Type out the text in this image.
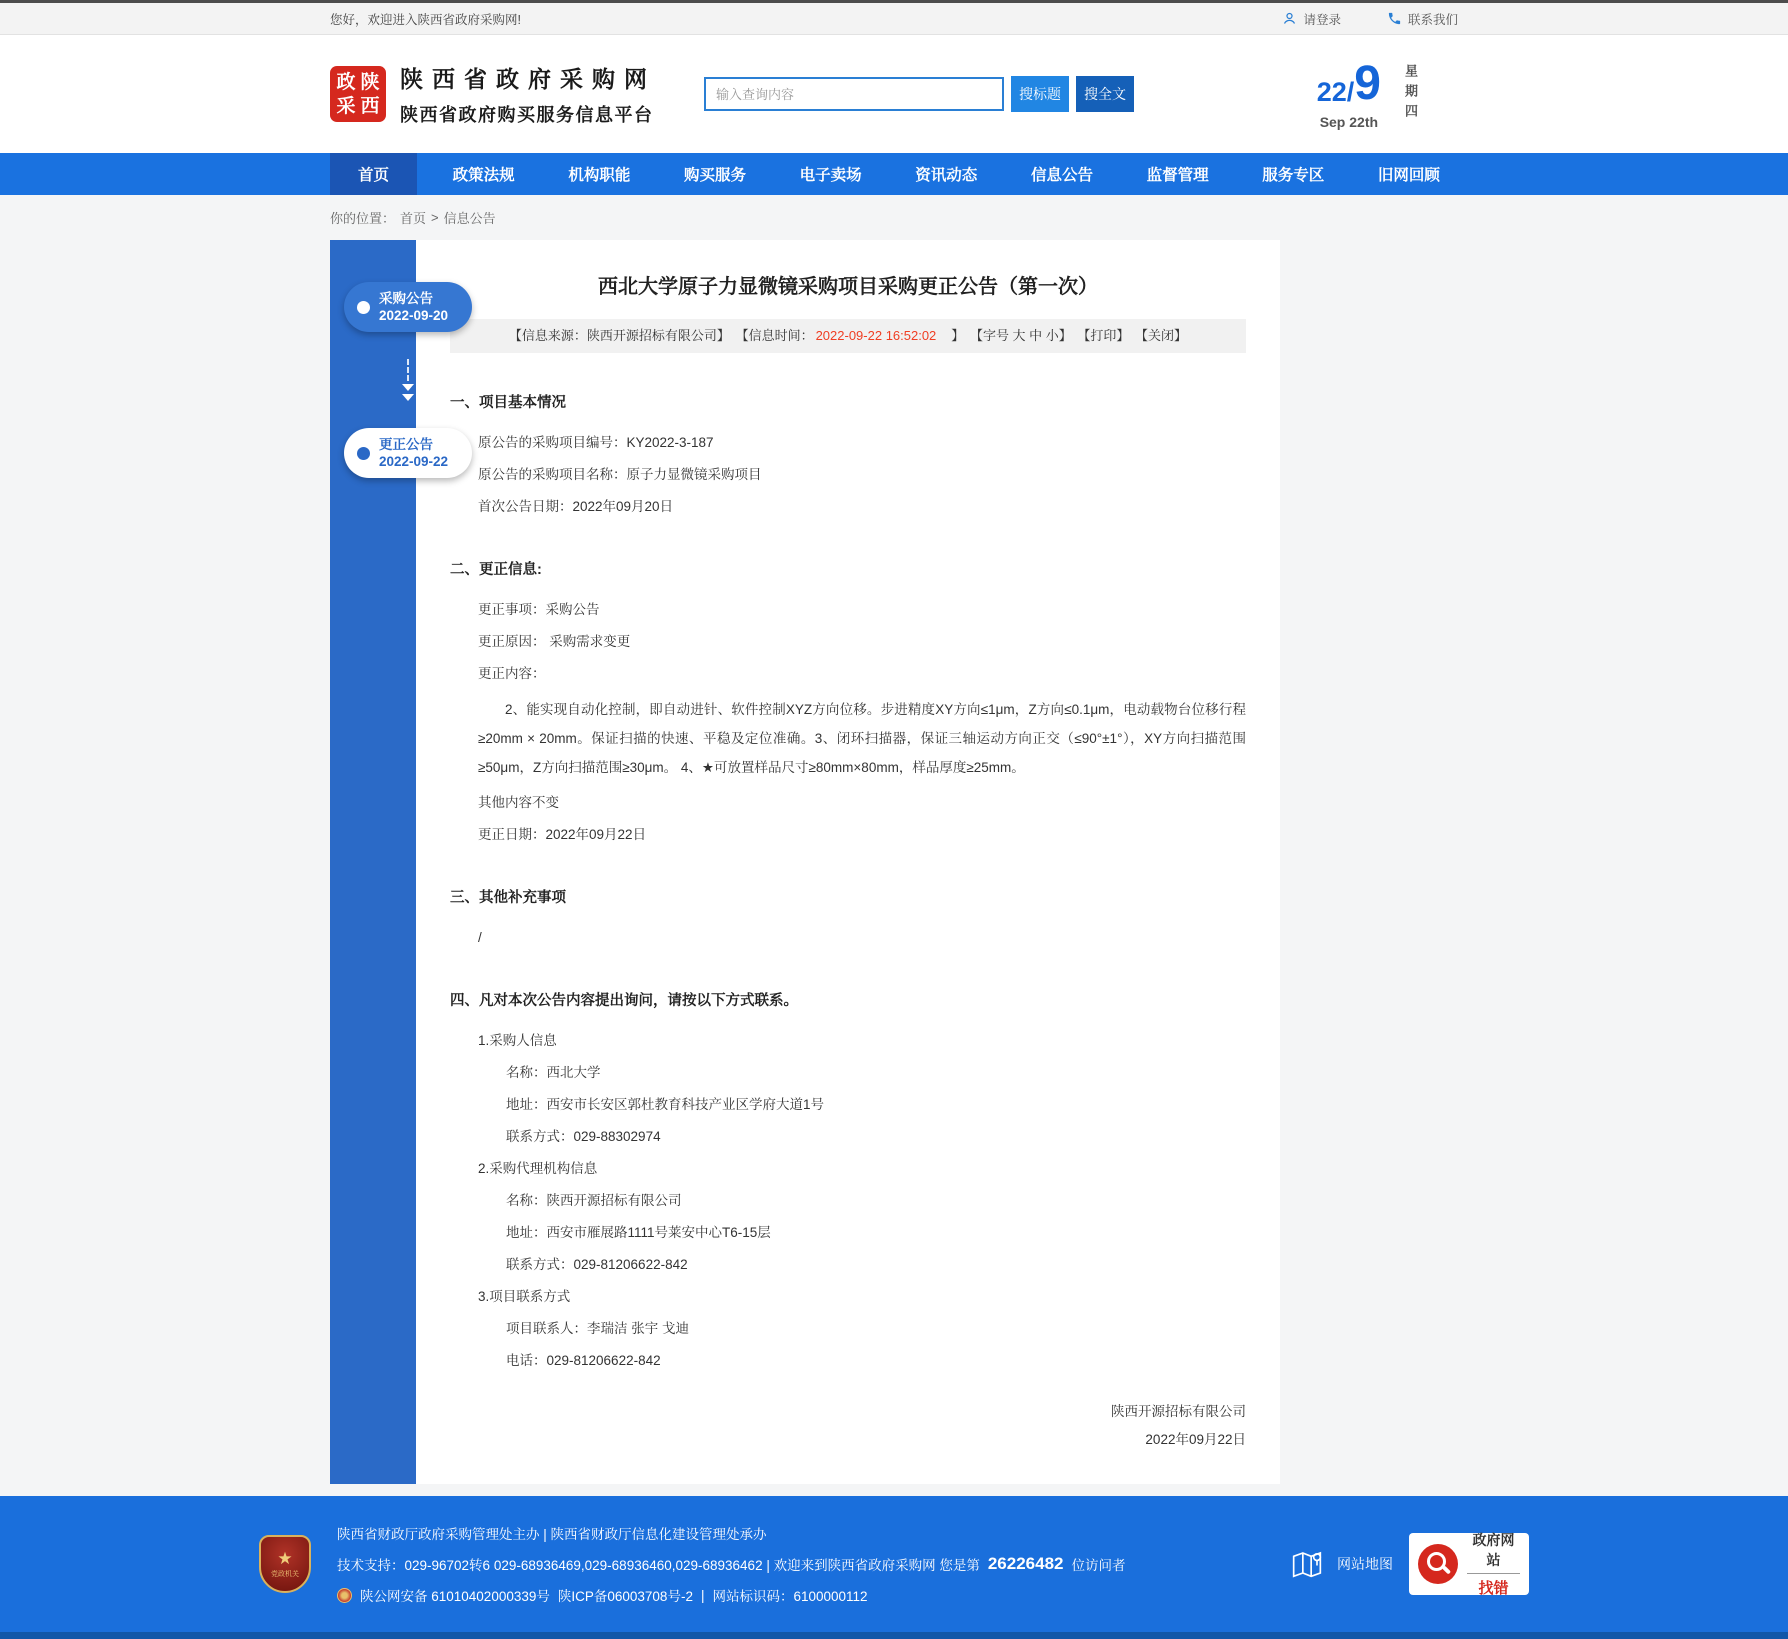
您好，欢迎进入陕西省政府采购网!	请登录	联系我们
政 陕
采 西
陕西省政府采购网
陕西省政府购买服务信息平台
输入查询内容
搜标题	搜全文	22 / 9
Sep 22th 星期四
首页	政策法规	机构职能	购买服务	电子卖场	资讯动态	信息公告	监督管理	服务专区	旧网回顾
你的位置： 首页 > 信息公告
采购公告
2022-09-20
更正公告
2022-09-22
西北大学原子力显微镜采购项目采购更正公告（第一次）
【信息来源：陕西开源招标有限公司】 【信息时间： 2022-09-22 16:52:02　】 【字号 大 中 小】 【打印】 【关闭】
一、项目基本情况

原公告的采购项目编号：KY2022-3-187

原公告的采购项目名称：原子力显微镜采购项目

首次公告日期：2022年09月20日

二、更正信息:

更正事项：采购公告

更正原因： 采购需求变更

更正内容：

2、能实现自动化控制，即自动进针、软件控制XYZ方向位移。步进精度XY方向≤1μm，Z方向≤0.1μm，电动载物台位移行程≥20mm × 20mm。保证扫描的快速、平稳及定位准确。3、闭环扫描器，保证三轴运动方向正交（≤90°±1°），XY方向扫描范围≥50μm，Z方向扫描范围≥30μm。 4、★可放置样品尺寸≥80mm×80mm，样品厚度≥25mm。

其他内容不变

更正日期：2022年09月22日

三、其他补充事项

/

四、凡对本次公告内容提出询问，请按以下方式联系。

1.采购人信息

名称：西北大学

地址：西安市长安区郭杜教育科技产业区学府大道1号

联系方式：029-88302974

2.采购代理机构信息

名称：陕西开源招标有限公司

地址：西安市雁展路1111号莱安中心T6-15层

联系方式：029-81206622-842

3.项目联系方式

项目联系人：李瑞洁 张宇 戈迪

电话：029-81206622-842

陕西开源招标有限公司
2022年09月22日
★
党政机关
陕西省财政厅政府采购管理处主办 | 陕西省财政厅信息化建设管理处承办
技术支持：029-96702转6 029-68936469,029-68936460,029-68936462 | 欢迎来到陕西省政府采购网 您是第 26226482 位访问者
陕公网安备 61010402000339号 陕ICP备06003708号-2 | 网站标识码：6100000112
网站地图
政府网站
找错
